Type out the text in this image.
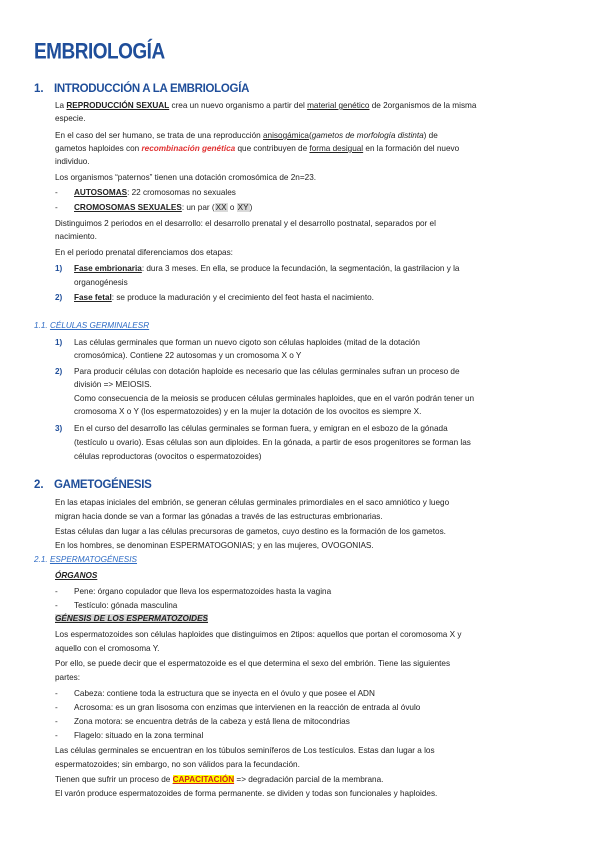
EMBRIOLOGÍA
1. INTRODUCCIÓN A LA EMBRIOLOGÍA
La REPRODUCCIÓN SEXUAL crea un nuevo organismo a partir del material genético de 2organismos de la misma
especie.
En el caso del ser humano, se trata de una reproducción anisogámica(gametos de morfología distinta) de
gametos haploides con recombinación genética que contribuyen de forma desigual en la formación del nuevo
individuo.
Los organismos “paternos” tienen una dotación cromosómica de 2n=23.
- AUTOSOMAS: 22 cromosomas no sexuales
- CROMOSOMAS SEXUALES: un par (XX o XY)
Distinguimos 2 periodos en el desarrollo: el desarrollo prenatal y el desarrollo postnatal, separados por el
nacimiento.
En el periodo prenatal diferenciamos dos etapas:
1) Fase embrionaria: dura 3 meses. En ella, se produce la fecundación, la segmentación, la gastrilacion y la
organogénesis
2) Fase fetal: se produce la maduración y el crecimiento del feot hasta el nacimiento.
1.1. CÉLULAS GERMINALESR
1) Las células germinales que forman un nuevo cigoto son células haploides (mitad de la dotación
cromosómica). Contiene 22 autosomas y un cromosoma X o Y
2) Para producir células con dotación haploide es necesario que las células germinales sufran un proceso de
división => MEIOSIS.
Como consecuencia de la meiosis se producen células germinales haploides, que en el varón podrán tener un
cromosoma X o Y (los espermatozoides) y en la mujer la dotación de los ovocitos es siempre X.
3) En el curso del desarrollo las células germinales se forman fuera, y emigran en el esbozo de la gónada
(testículo u ovario). Esas células son aun diploides. En la gónada, a partir de esos progenitores se forman las
células reproductoras (ovocitos o espermatozoides)
2. GAMETOGÉNESIS
En las etapas iniciales del embrión, se generan células germinales primordiales en el saco amniótico y luego
migran hacia donde se van a formar las gónadas a través de las estructuras embrionarias.
Estas células dan lugar a las células precursoras de gametos, cuyo destino es la formación de los gametos.
En los hombres, se denominan ESPERMATOGONIAS; y en las mujeres, OVOGONIAS.
2.1. ESPERMATOGÉNESIS
ÓRGANOS
- Pene: órgano copulador que lleva los espermatozoides hasta la vagina
- Testículo: gónada masculina
GÉNESIS DE LOS ESPERMATOZOIDES
Los espermatozoides son células haploides que distinguimos en 2tipos: aquellos que portan el coromosoma X y
aquello con el cromosoma Y.
Por ello, se puede decir que el espermatozoide es el que determina el sexo del embrión. Tiene las siguientes
partes:
- Cabeza: contiene toda la estructura que se inyecta en el óvulo y que posee el ADN
- Acrosoma: es un gran lisosoma con enzimas que intervienen en la reacción de entrada al óvulo
- Zona motora: se encuentra detrás de la cabeza y está llena de mitocondrias
- Flagelo: situado en la zona terminal
Las células germinales se encuentran en los túbulos seminíferos de Los testículos. Estas dan lugar a los
espermatozoides; sin embargo, no son válidos para la fecundación.
Tienen que sufrir un proceso de CAPACITACIÓN => degradación parcial de la membrana.
El varón produce espermatozoides de forma permanente. se dividen y todas son funcionales y haploides.
